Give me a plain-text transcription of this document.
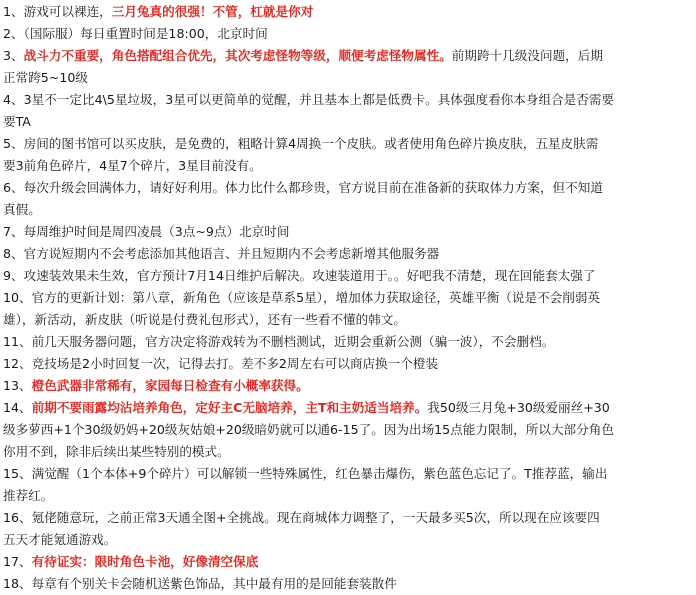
1、游戏可以裸连，三月兔真的很强！不管，杠就是你对
2、（国际服）每日重置时间是18:00，北京时间
3、战斗力不重要，角色搭配组合优先，其次考虑怪物等级，顺便考虑怪物属性。前期跨十几级没问题，后期
正常跨5~10级
4、3星不一定比4\5星垃圾，3星可以更简单的觉醒，并且基本上都是低费卡。具体强度看你本身组合是否需要
要TA
5、房间的图书馆可以买皮肤，是免费的，粗略计算4周换一个皮肤。或者使用角色碎片换皮肤，五星皮肤需
要3前角色碎片，4星7个碎片，3星目前没有。
6、每次升级会回满体力，请好好利用。体力比什么都珍贵，官方说目前在准备新的获取体力方案，但不知道
真假。
7、每周维护时间是周四凌晨（3点~9点）北京时间
8、官方说短期内不会考虑添加其他语言、并且短期内不会考虑新增其他服务器
9、攻速装效果未生效，官方预计7月14日维护后解决。攻速装道用于。。好吧我不清楚，现在回能套太强了
10、官方的更新计划：第八章，新角色（应该是草系5星），增加体力获取途径，英雄平衡（说是不会削弱英
雄），新活动，新皮肤（听说是付费礼包形式），还有一些看不懂的韩文。
11、前几天服务器问题，官方决定将游戏转为不删档测试，近期会重新公测（骗一波），不会删档。
12、竞技场是2小时回复一次，记得去打。差不多2周左右可以商店换一个橙装
13、橙色武器非常稀有，家园每日检查有小概率获得。
14、前期不要雨露均沾培养角色，定好主C无脑培养，主T和主奶适当培养。我50级三月兔+30级爱丽丝+30
级多萝西+1个30级奶妈+20级灰姑娘+20级暗奶就可以通6-15了。因为出场15点能力限制，所以大部分角色
你用不到，除非后续出某些特别的模式。
15、满觉醒（1个本体+9个碎片）可以解锁一些特殊属性，红色暴击爆伤，紫色蓝色忘记了。T推荐蓝，输出
推荐红。
16、氪佬随意玩，之前正常3天通全图+全挑战。现在商城体力调整了，一天最多买5次，所以现在应该要四
五天才能氪通游戏。
17、有待证实：限时角色卡池，好像清空保底
18、每章有个别关卡会随机送紫色饰品，其中最有用的是回能套装散件
